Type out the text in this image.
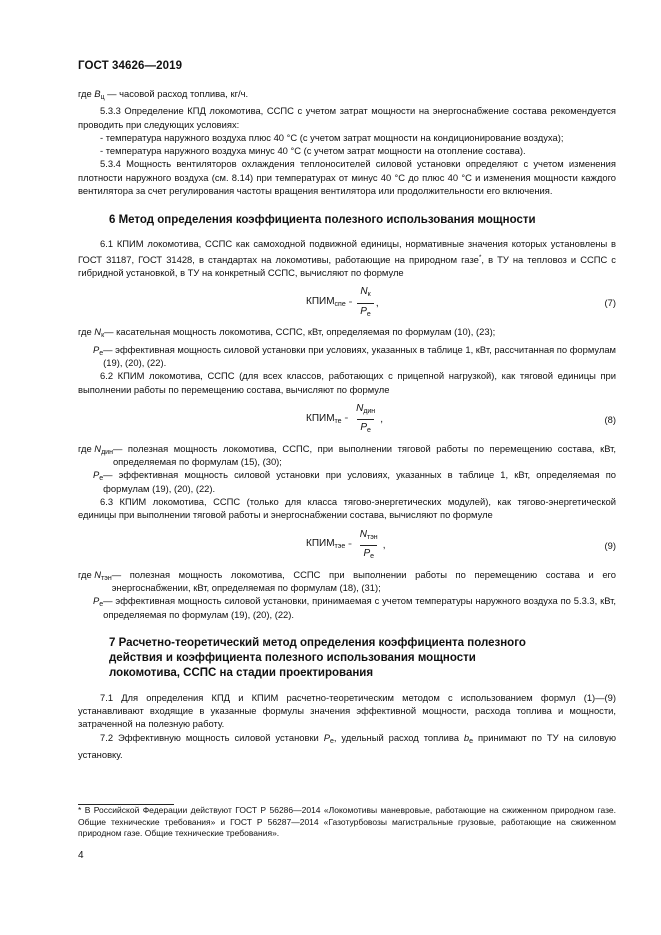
ГОСТ 34626—2019

где $B_ц$ — часовой расход топлива, кг/ч.

5.3.3 Определение КПД локомотива, ССПС с учетом затрат мощности на энергоснабжение состава рекомендуется проводить при следующих условиях:

- температура наружного воздуха плюс 40 °С (с учетом затрат мощности на кондиционирование воздуха);

- температура наружного воздуха минус 40 °С (с учетом затрат мощности на отопление состава).

5.3.4 Мощность вентиляторов охлаждения теплоносителей силовой установки определяют с учетом изменения плотности наружного воздуха (см. 8.14) при температурах от минус 40 °С до плюс 40 °С и изменения мощности каждого вентилятора за счет регулирования частоты вращения вентилятора или продолжительности его включения.

6 Метод определения коэффициента полезного использования мощности

6.1 КПИМ локомотива, ССПС как самоходной подвижной единицы, нормативные значения которых установлены в ГОСТ 31187, ГОСТ 31428, в стандартах на локомотивы, работающие на природном газе*, в ТУ на тепловоз и ССПС с гибридной установкой, в ТУ на конкретный ССПС, вычисляют по формуле

$КПИМ_{спе} = \frac{N_к}{P_e}$ ,	(7)
где $N_к$ — касательная мощность локомотива, ССПС, кВт, определяемая по формулам (10), (23);
$P_e$ — эффективная мощность силовой установки при условиях, указанных в таблице 1, кВт, рассчитанная по формулам (19), (20), (22).

6.2 КПИМ локомотива, ССПС (для всех классов, работающих с прицепной нагрузкой), как тяговой единицы при выполнении работы по перемещению состава, вычисляют по формуле

$КПИМ_{те} = \frac{N_{дин}}{P_e}$ ,	(8)
где $N_{дин}$ — полезная мощность локомотива, ССПС, при выполнении тяговой работы по перемещению состава, кВт, определяемая по формулам (15), (30);
$P_e$ — эффективная мощность силовой установки при условиях, указанных в таблице 1, кВт, определяемая по формулам (19), (20), (22).

6.3 КПИМ локомотива, ССПС (только для класса тягово-энергетических модулей), как тягово-энергетической единицы при выполнении тяговой работы и энергоснабжении состава, вычисляют по формуле

$КПИМ_{тэе} = \frac{N_{тэн}}{P_e}$ ,	(9)
где $N_{тэн}$ — полезная мощность локомотива, ССПС при выполнении работы по перемещению состава и его энергоснабжении, кВт, определяемая по формулам (18), (31);
$P_e$ — эффективная мощность силовой установки, принимаемая с учетом температуры наружного воздуха по 5.3.3, кВт, определяемая по формулам (19), (20), (22).
7 Расчетно-теоретический метод определения коэффициента полезного действия и коэффициента полезного использования мощности локомотива, ССПС на стадии проектирования

7.1 Для определения КПД и КПИМ расчетно-теоретическим методом с использованием формул (1)—(9) устанавливают входящие в указанные формулы значения эффективной мощности, расхода топлива и мощности, затраченной на полезную работу.

7.2 Эффективную мощность силовой установки $P_e$, удельный расход топлива $b_e$ принимают по ТУ на силовую установку.

* В Российской Федерации действуют ГОСТ Р 56286—2014 «Локомотивы маневровые, работающие на сжиженном природном газе. Общие технические требования» и ГОСТ Р 56287—2014 «Газотурбовозы магистральные грузовые, работающие на сжиженном природном газе. Общие технические требования».
4
